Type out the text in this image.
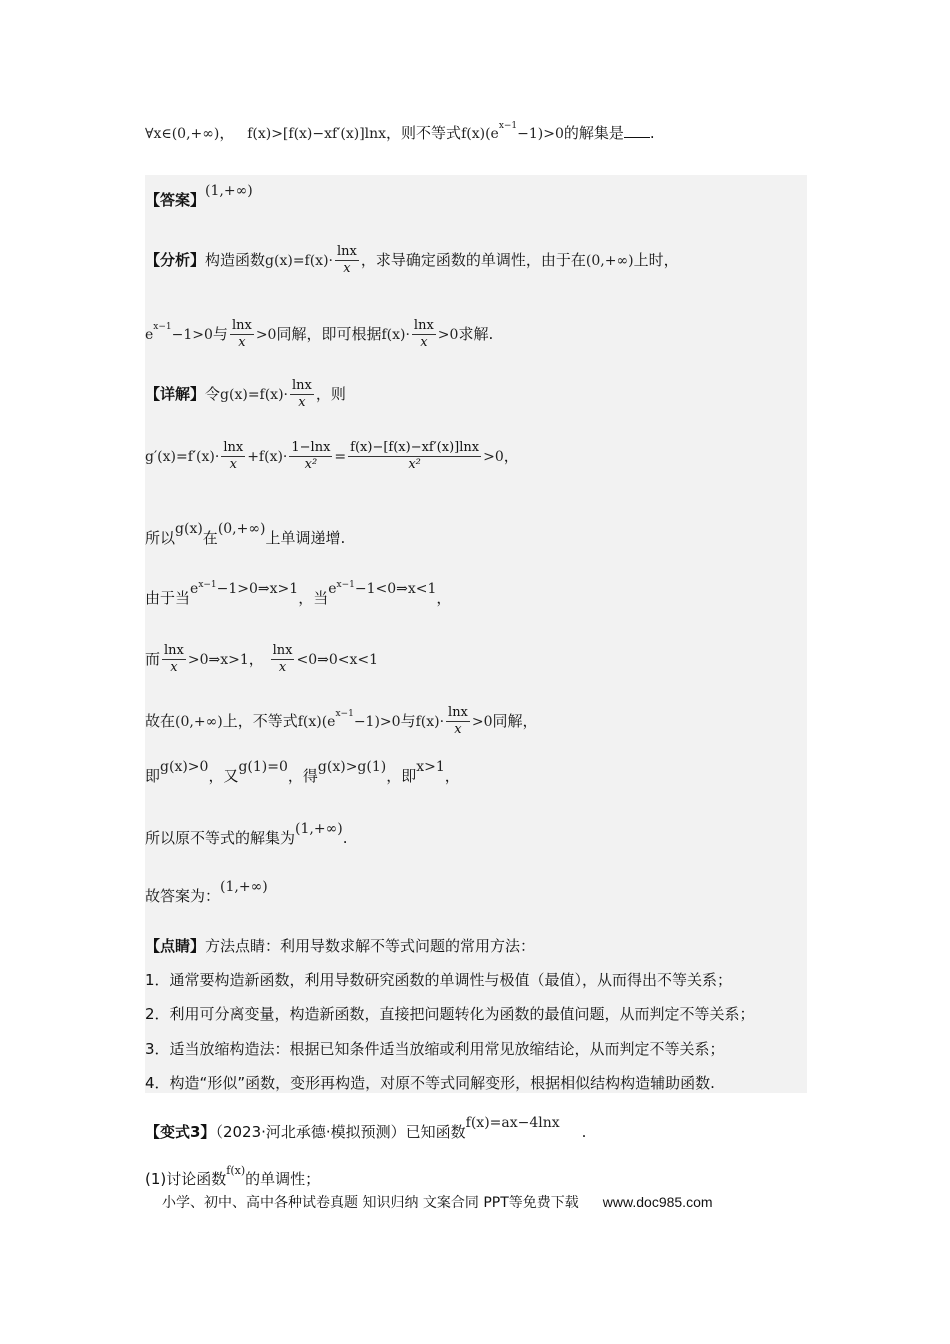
∀x∈(0,+∞)， f(x)>[f(x)−xf′(x)]lnx，则不等式$f(x)(e^{x-1}-1)>0$的解集是 .
【答案】(1,+∞)
【分析】构造函数$g(x)=f(x)\cdot \frac{\ln x}{x}$ ，求导确定函数的单调性，由于在(0,+∞)上时，
$e^{x-1}-1>0$与 $\frac{\ln x}{x} >0$同解，即可根据$f(x)\cdot \frac{\ln x}{x} >0$求解.
【详解】令$g(x)=f(x)\cdot \frac{\ln x}{x}$ ，则
$g'(x)=f'(x)\cdot \frac{\ln x}{x} +f(x)\cdot \frac{1-\ln x}{\text{x²}} = \frac{f(x)-[f(x)-xf'(x)]\ln x}{\text{x²}} >0$，
所以g(x)在(0,+∞)上单调递增.
由于当$e^{x-1}-1>0\Rightarrow x>1$，当$e^{x-1}-1<0\Rightarrow x<1$，
而 $\frac{\ln x}{x}$ >0⇒x>1， $\frac{\ln x}{x}$ <0⇒0<x<1
故在(0,+∞)上，不等式$f(x)(e^{x-1}-1)>0$与$f(x)\cdot \frac{\ln x}{x} >0$同解，
即g(x)>0，又g(1)=0，得g(x)>g(1)，即x>1，
所以原不等式的解集为(1,+∞).
故答案为：(1,+∞)
【点睛】方法点睛：利用导数求解不等式问题的常用方法：
1．通常要构造新函数，利用导数研究函数的单调性与极值（最值），从而得出不等关系；
2．利用可分离变量，构造新函数，直接把问题转化为函数的最值问题，从而判定不等关系；
3．适当放缩构造法：根据已知条件适当放缩或利用常见放缩结论，从而判定不等关系；
4．构造“形似”函数，变形再构造，对原不等式同解变形，根据相似结构构造辅助函数.
【变式3】（2023·河北承德·模拟预测）已知函数f(x)=ax−4lnx .
(1)讨论函数$^{f(x)}$的单调性；
小学、初中、高中各种试卷真题 知识归纳 文案合同 PPT等免费下载 www.doc985.com
